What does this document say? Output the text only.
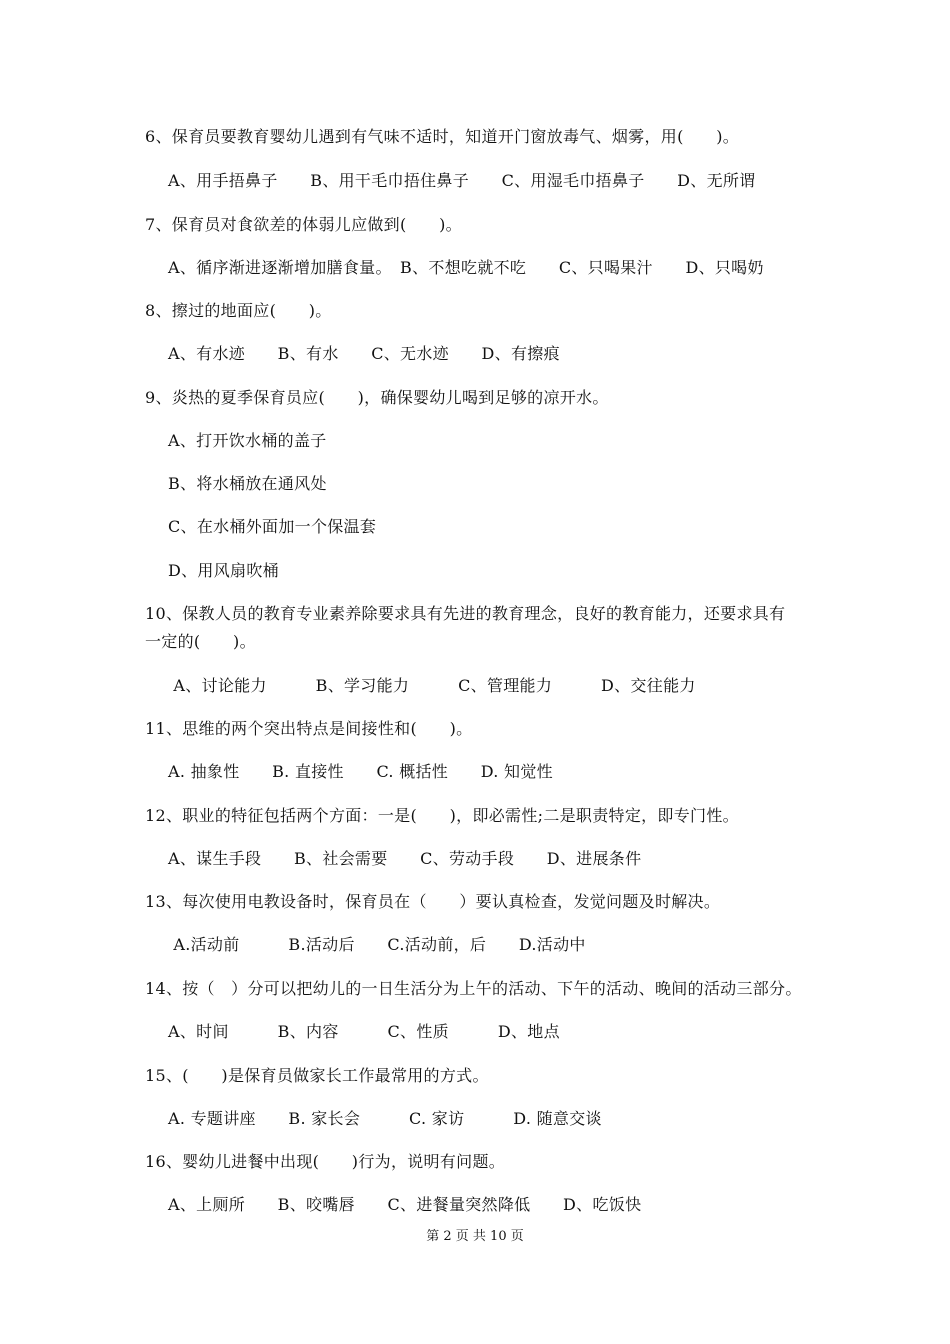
6、保育员要教育婴幼儿遇到有气味不适时，知道开门窗放毒气、烟雾，用(　　)。
A、用手捂鼻子　　B、用干毛巾捂住鼻子　　C、用湿毛巾捂鼻子　　D、无所谓
7、保育员对食欲差的体弱儿应做到(　　)。
A、循序渐进逐渐增加膳食量。　B、不想吃就不吃　　C、只喝果汁　　D、只喝奶
8、擦过的地面应(　　)。
A、有水迹　　B、有水　　C、无水迹　　D、有擦痕
9、炎热的夏季保育员应(　　)，确保婴幼儿喝到足够的凉开水。
A、打开饮水桶的盖子
B、将水桶放在通风处
C、在水桶外面加一个保温套
D、用风扇吹桶
10、保教人员的教育专业素养除要求具有先进的教育理念，良好的教育能力，还要求具有
一定的(　　)。
A、讨论能力　　　B、学习能力　　　C、管理能力　　　D、交往能力
11、思维的两个突出特点是间接性和(　　)。
A. 抽象性　　B. 直接性　　C. 概括性　　D. 知觉性
12、职业的特征包括两个方面：一是(　　)，即必需性;二是职责特定，即专门性。
A、谋生手段　　B、社会需要　　C、劳动手段　　D、进展条件
13、每次使用电教设备时，保育员在（　　）要认真检查，发觉问题及时解决。
A.活动前　　　B.活动后　　C.活动前，后　　D.活动中
14、按（　）分可以把幼儿的一日生活分为上午的活动、下午的活动、晚间的活动三部分。
A、时间　　　B、内容　　　C、性质　　　D、地点
15、(　　)是保育员做家长工作最常用的方式。
A. 专题讲座　　B. 家长会　　　C. 家访　　　D. 随意交谈
16、婴幼儿进餐中出现(　　)行为，说明有问题。
A、上厕所　　B、咬嘴唇　　C、进餐量突然降低　　D、吃饭快
第 2 页 共 10 页
